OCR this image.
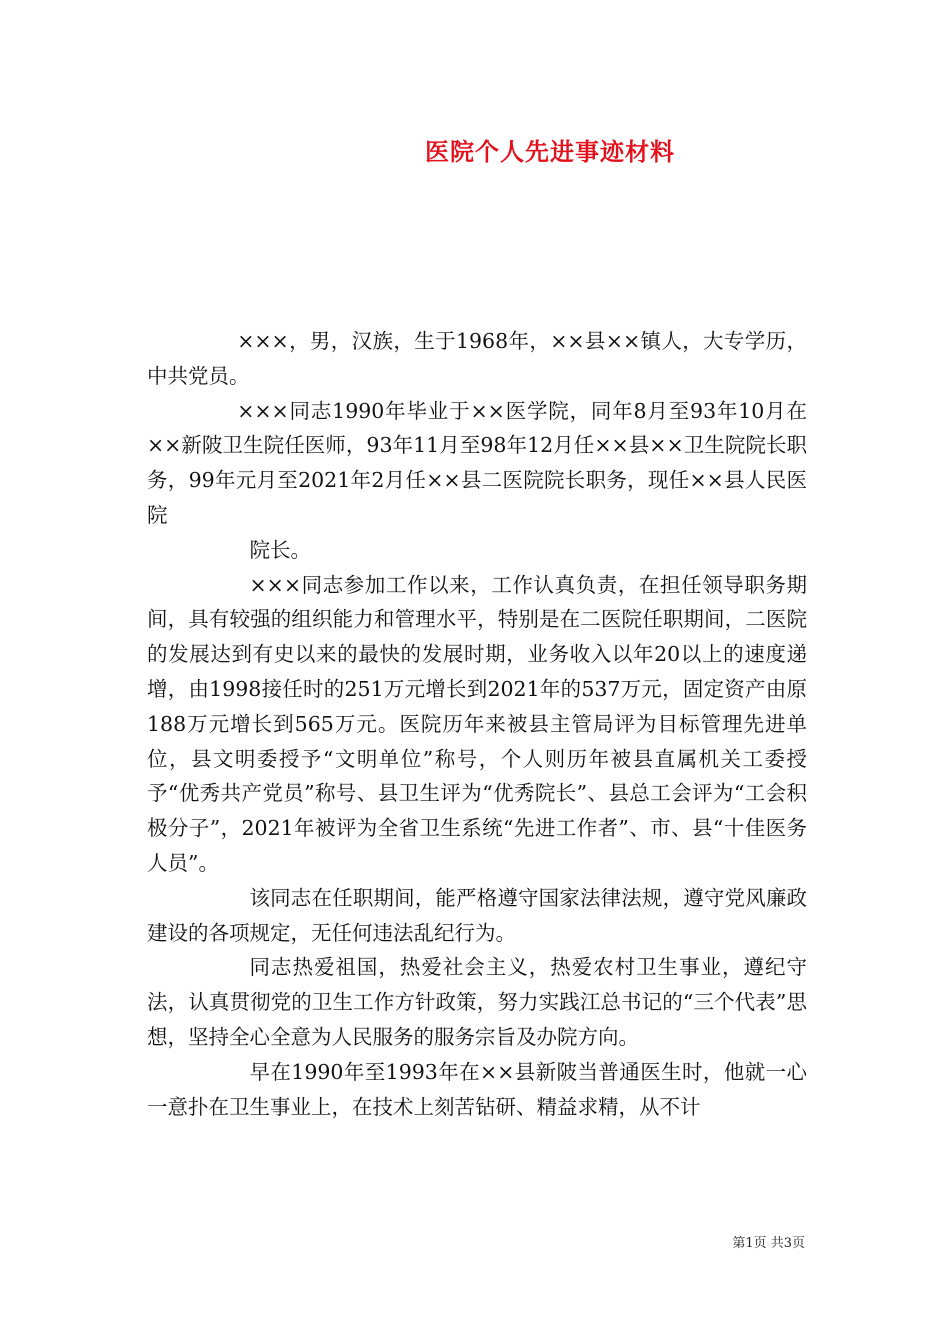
医院个人先进事迹材料

×××，男，汉族，生于1968年，××县××镇人，大专学历，中共党员。

×××同志1990年毕业于××医学院，同年8月至93年10月在××新陂卫生院任医师，93年11月至98年12月任××县××卫生院院长职务，99年元月至2021年2月任××县二医院院长职务，现任××县人民医院

院长。

×××同志参加工作以来，工作认真负责，在担任领导职务期间，具有较强的组织能力和管理水平，特别是在二医院任职期间，二医院的发展达到有史以来的最快的发展时期，业务收入以年20以上的速度递增，由1998接任时的251万元增长到2021年的537万元，固定资产由原188万元增长到565万元。医院历年来被县主管局评为目标管理先进单位，县文明委授予“文明单位”称号，个人则历年被县直属机关工委授予“优秀共产党员”称号、县卫生评为“优秀院长”、县总工会评为“工会积极分子”，2021年被评为全省卫生系统“先进工作者”、市、县“十佳医务人员”。

该同志在任职期间，能严格遵守国家法律法规，遵守党风廉政建设的各项规定，无任何违法乱纪行为。

同志热爱祖国，热爱社会主义，热爱农村卫生事业，遵纪守法，认真贯彻党的卫生工作方针政策，努力实践江总书记的“三个代表”思想，坚持全心全意为人民服务的服务宗旨及办院方向。

早在1990年至1993年在××县新陂当普通医生时，他就一心一意扑在卫生事业上，在技术上刻苦钻研、精益求精，从不计

第1页 共3页
